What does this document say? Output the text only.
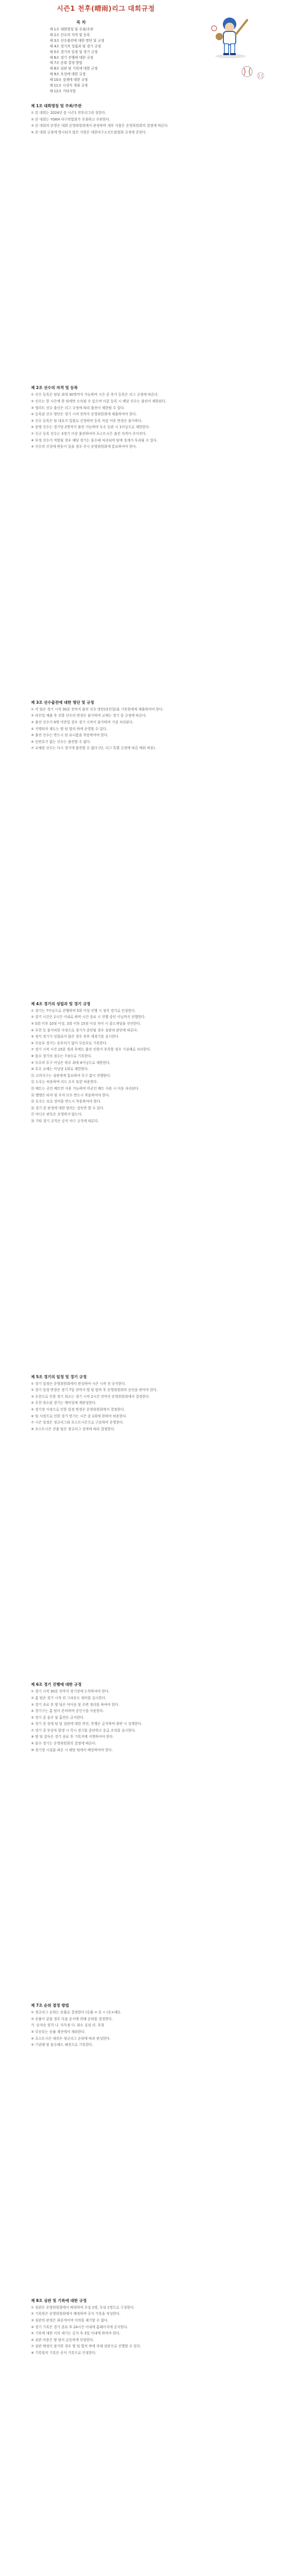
시즌1 천후(晴雨)리그 대회규정
목 차
제 1조 대회명칭 및 주최/주관
제 2조 선수의 자격 및 등록
제 3조 선수출전에 대한 명단 및 규정
제 4조 경기의 성립과 및 경기 규정
제 5조 경기의 일정 및 경기 규정
제 6조 경기 진행에 대한 규정
제 7조 순위 결정 방법
제 8조 심판 및 기록에 대한 규정
제 9조 포상에 대한 규정
제 10조 징계에 대한 규정
제 11조 시상식 개최 규정
제 12조 기타사항
제 1조 대회명칭 및 주최/주관

① 본 대회는 2024년 봄 시즌1 천후리그라 칭한다.

② 본 대회는 YGKH 야구연합회가 주최하고 주관한다.

③ 본 대회의 운영은 대회 운영위원회에서 관장하며 세부 사항은 운영위원회의 결정에 따른다.

④ 본 대회 규정에 명시되지 않은 사항은 대한야구소프트볼협회 규정에 준한다.

제 2조 선수의 자격 및 등록

① 선수 등록은 팀당 최대 30명까지 가능하며 시즌 중 추가 등록은 리그 규정에 따른다.

② 선수는 한 시즌에 한 팀에만 소속될 수 있으며 이중 등록 시 해당 선수는 출전이 제한된다.

③ 엘리트 선수 출신은 리그 규정에 따라 출전이 제한될 수 있다.

④ 등록된 선수 명단은 경기 시작 전까지 운영위원회에 제출하여야 한다.

⑤ 선수 등록은 팀 대표가 일괄로 신청하며 등록 마감 이후 변경은 불가하다.

⑥ 용병 선수는 경기당 2명까지 출전 가능하며 투수 등판 시 1이닝으로 제한한다.

⑦ 신규 등록 선수는 3경기 이상 출전하여야 포스트시즌 출전 자격이 주어진다.

⑧ 부정 선수가 적발될 경우 해당 경기는 몰수패 처리되며 팀에 징계가 부과될 수 있다.

⑨ 선수의 신상에 변동이 있을 경우 즉시 운영위원회에 통보하여야 한다.

제 3조 선수출전에 대한 명단 및 규정

① 각 팀은 경기 시작 30분 전까지 출전 선수 명단(라인업)을 기록원에게 제출하여야 한다.

② 라인업 제출 후 선발 선수의 변경은 불가하며 교체는 경기 중 규정에 따른다.

③ 출전 선수가 9명 미만일 경우 경기 시작이 불가하며 기권 처리된다.

④ 지명타자 제도는 양 팀 합의 하에 운영할 수 있다.

⑤ 출전 선수는 반드시 팀 유니폼을 착용하여야 한다.

⑥ 등번호가 없는 선수는 출전할 수 없다.

⑦ 교체된 선수는 다시 경기에 출전할 수 없다 (단, 리그 특별 규정에 따른 예외 허용).

제 4조 경기의 성립과 및 경기 규정

① 경기는 7이닝으로 진행하며 5회 이상 진행 시 정식 경기로 인정한다.

② 경기 시간은 2시간 이내로 하며 시간 종료 시 진행 중인 이닝까지 진행한다.

③ 5회 이후 10점 이상, 3회 이후 15점 이상 차이 시 콜드게임을 선언한다.

④ 우천 등 불가피한 사정으로 경기가 중단될 경우 심판의 판단에 따른다.

⑤ 정식 경기가 성립되지 않은 경우 추후 재경기를 실시한다.

⑥ 무승부 경기는 승부치기 없이 무승부로 기록한다.

⑦ 경기 시작 시간 15분 경과 후에도 출전 인원이 부족할 경우 기권패로 처리한다.

⑧ 몰수 경기의 점수는 7:0으로 기록한다.

⑨ 투수의 투구 이닝은 하루 최대 4이닝으로 제한한다.

⑩ 투수 교체는 이닝당 1회로 제한한다.

⑪ 고의사구는 심판에게 통보하여 투구 없이 진행한다.

⑫ 도루는 허용하며 리드 오프 또한 허용한다.

⑬ 배트는 공인 배트만 사용 가능하며 비공인 배트 사용 시 아웃 처리된다.

⑭ 헬멧은 타자 및 주자 모두 반드시 착용하여야 한다.

⑮ 포수는 보호 장비를 반드시 착용하여야 한다.

⑯ 경기 중 판정에 대한 항의는 감독만 할 수 있다.

⑰ 비디오 판독은 운영하지 않는다.

⑱ 기타 경기 규칙은 공식 야구 규칙에 따른다.

제 5조 경기의 일정 및 경기 규정

① 경기 일정은 운영위원회에서 편성하여 시즌 시작 전 공지한다.

② 경기 일정 변경은 경기 7일 전까지 양 팀 합의 후 운영위원회의 승인을 받아야 한다.

③ 우천으로 인한 경기 취소는 경기 시작 2시간 전까지 운영위원회에서 결정한다.

④ 우천 취소된 경기는 예비일에 재편성한다.

⑤ 경기장 사정으로 인한 일정 변경은 운영위원회에서 결정한다.

⑥ 팀 사정으로 인한 경기 연기는 시즌 중 1회에 한하여 허용한다.

⑦ 시즌 일정은 정규리그와 포스트시즌으로 구분하여 운영한다.

⑧ 포스트시즌 진출 팀은 정규리그 성적에 따라 결정한다.

제 6조 경기 진행에 대한 규정

① 경기 시작 30분 전까지 경기장에 도착하여야 한다.

② 홈 팀은 경기 시작 전 그라운드 정비를 실시한다.

③ 경기 종료 후 양 팀은 덕아웃 및 주변 정리를 하여야 한다.

④ 경기구는 홈 팀이 준비하며 공인구를 사용한다.

⑤ 경기 중 음주 및 흡연은 금지한다.

⑥ 경기 중 상대 팀 및 심판에 대한 폭언, 폭행은 금지하며 위반 시 징계한다.

⑦ 경기 중 부상자 발생 시 즉시 경기를 중단하고 응급 조치를 실시한다.

⑧ 양 팀 감독은 경기 종료 후 기록지에 서명하여야 한다.

⑨ 몰수 경기는 운영위원회의 결정에 따른다.

⑩ 경기장 시설물 파손 시 해당 팀에서 배상하여야 한다.

제 7조 순위 결정 방법

① 정규리그 순위는 승률로 결정한다 (승률 = 승 ÷ (승+패)).

② 승률이 같을 경우 다음 순서에 의해 순위를 결정한다.

가. 승자승 원칙 나. 다득점 다. 최소 실점 라. 추첨

③ 무승부는 승률 계산에서 제외한다.

④ 포스트시즌 대진은 정규리그 순위에 따라 편성한다.

⑤ 기권패 및 몰수패도 패전으로 기록한다.

제 8조 심판 및 기록에 대한 규정

① 심판은 운영위원회에서 배정하며 주심 1명, 루심 1명으로 구성한다.

② 기록원은 운영위원회에서 배정하며 공식 기록을 작성한다.

③ 심판의 판정은 최종적이며 이의를 제기할 수 없다.

④ 경기 기록은 경기 종료 후 24시간 이내에 홈페이지에 공지한다.

⑤ 기록에 대한 이의 제기는 공지 후 3일 이내에 하여야 한다.

⑥ 심판 비용은 양 팀이 균등하게 부담한다.

⑦ 심판 배정이 불가한 경우 양 팀 합의 하에 자체 심판으로 진행할 수 있다.

⑧ 기록원의 기록은 공식 기록으로 인정한다.
